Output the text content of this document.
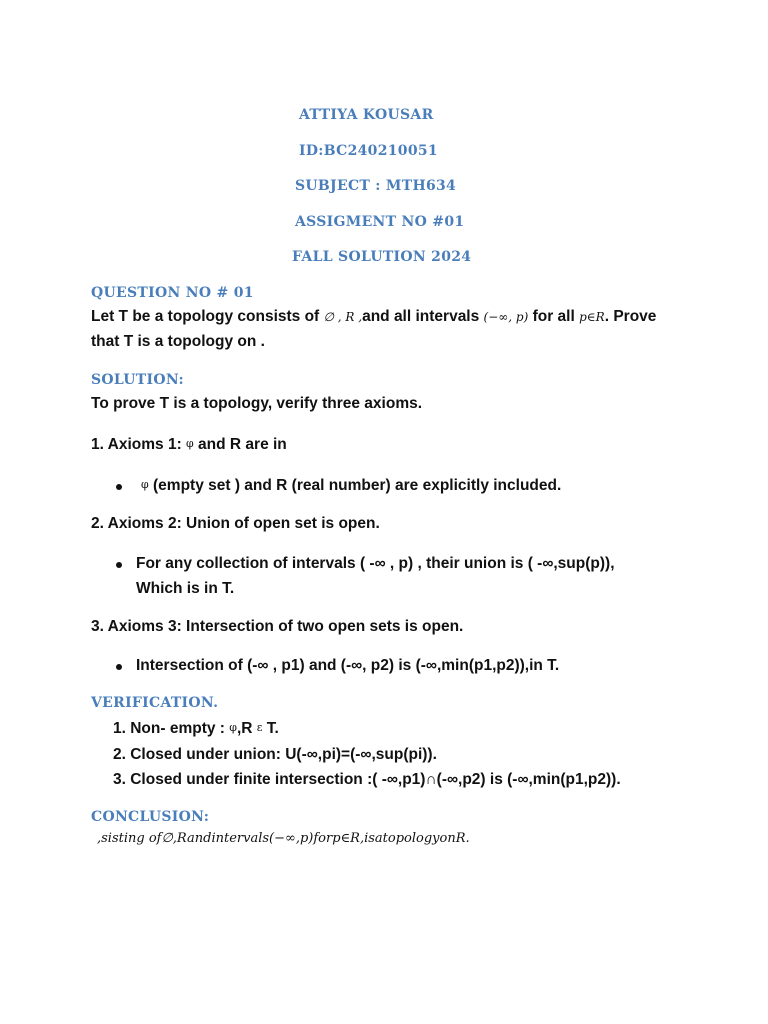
ATTIYA KOUSAR
ID:BC240210051
SUBJECT : MTH634
ASSIGMENT NO #01
FALL SOLUTION 2024
QUESTION NO # 01
Let T be a topology consists of ∅ , R ,and all intervals (−∞, p) for all p∈R. Prove
that T is a topology on .
SOLUTION:
To prove T is a topology, verify three axioms.
1. Axioms 1: φ and R are in
φ (empty set ) and R (real number) are explicitly included.
2. Axioms 2: Union of open set is open.
For any collection of intervals ( -∞ , p) , their union is ( -∞,sup(p)),
Which is in T.
3. Axioms 3: Intersection of two open sets is open.
Intersection of (-∞ , p1) and (-∞, p2) is (-∞,min(p1,p2)),in T.
VERIFICATION.
1. Non- empty : φ,R ε T.
2. Closed under union: U(-∞,pi)=(-∞,sup(pi)).
3. Closed under finite intersection :( -∞,p1)∩(-∞,p2) is (-∞,min(p1,p2)).
CONCLUSION:
,sisting of∅,Randintervals(−∞,p)forp∈R,isatopologyonR.
